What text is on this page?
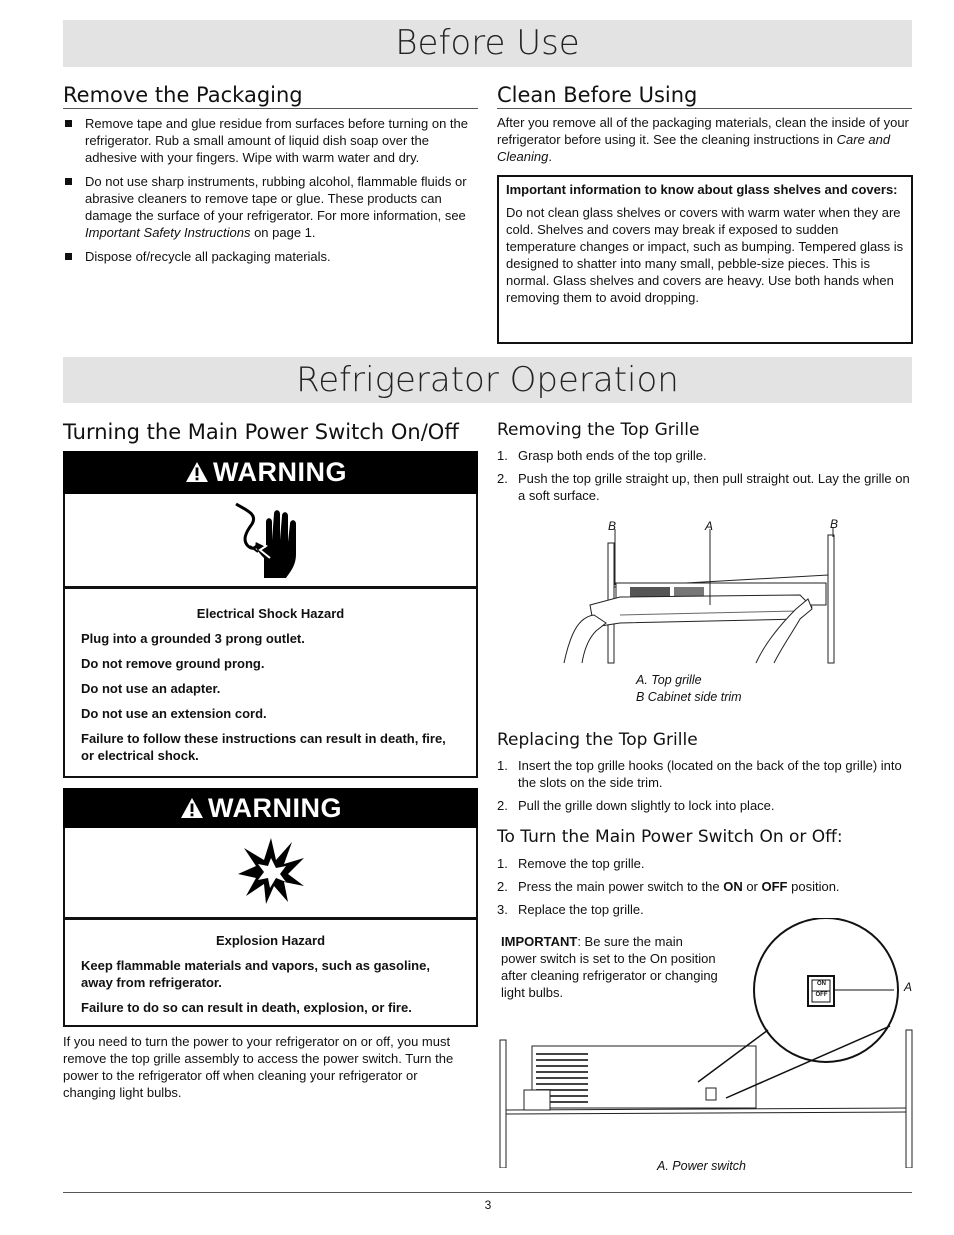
Before Use
Remove the Packaging
Remove tape and glue residue from surfaces before turning on the refrigerator. Rub a small amount of liquid dish soap over the adhesive with your fingers. Wipe with warm water and dry.
Do not use sharp instruments, rubbing alcohol, flammable fluids or abrasive cleaners to remove tape or glue. These products can damage the surface of your refrigerator. For more information, see Important Safety Instructions on page 1.
Dispose of/recycle all packaging materials.
Clean Before Using
After you remove all of the packaging materials, clean the inside of your refrigerator before using it. See the cleaning instructions in Care and Cleaning.
Important information to know about glass shelves and covers:
Do not clean glass shelves or covers with warm water when they are cold. Shelves and covers may break if exposed to sudden temperature changes or impact, such as bumping. Tempered glass is designed to shatter into many small, pebble-size pieces. This is normal. Glass shelves and covers are heavy. Use both hands when removing them to avoid dropping.
Refrigerator Operation
Turning the Main Power Switch On/Off
WARNING
Electrical Shock Hazard

Plug into a grounded 3 prong outlet.

Do not remove ground prong.

Do not use an adapter.

Do not use an extension cord.

Failure to follow these instructions can result in death, fire, or electrical shock.

WARNING
Explosion Hazard

Keep flammable materials and vapors, such as gasoline, away from refrigerator.

Failure to do so can result in death, explosion, or fire.

If you need to turn the power to your refrigerator on or off, you must remove the top grille assembly to access the power switch. Turn the power to the refrigerator off when cleaning your refrigerator or changing light bulbs.
Removing the Top Grille
1. Grasp both ends of the top grille.
2. Push the top grille straight up, then pull straight out. Lay the grille on a soft surface.
B	A	B
A. Top grille
B Cabinet side trim
Replacing the Top Grille
1. Insert the top grille hooks (located on the back of the top grille) into the slots on the side trim.
2. Pull the grille down slightly to lock into place.
To Turn the Main Power Switch On or Off:
1. Remove the top grille.
2. Press the main power switch to the ON or OFF position.
3. Replace the top grille.
IMPORTANT: Be sure the main power switch is set to the On position after cleaning refrigerator or changing light bulbs.
ON
OFF
A
A. Power switch
3
